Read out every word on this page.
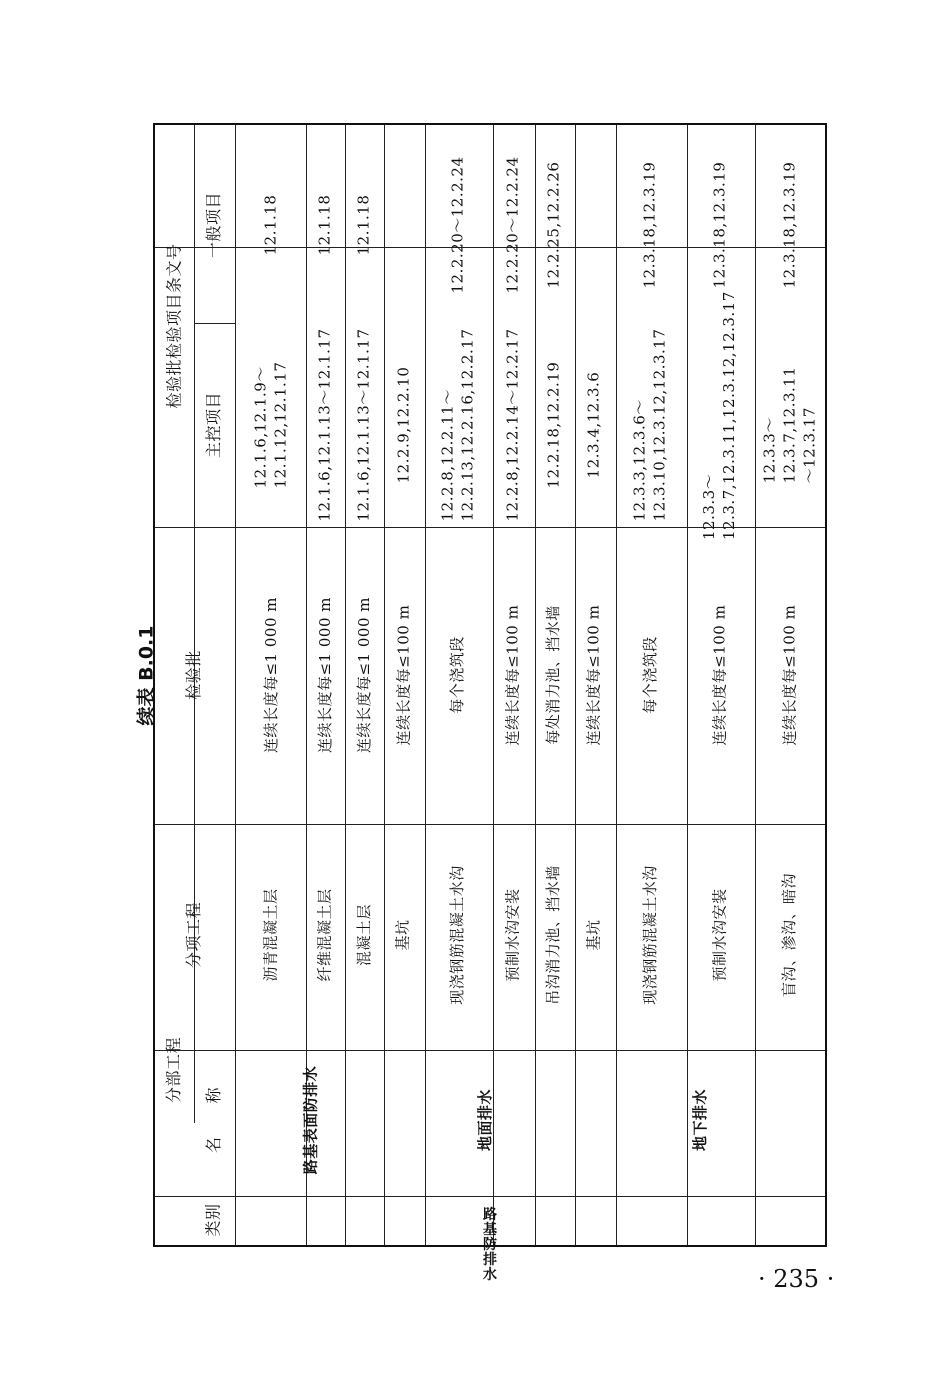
续表 B.0.1
分部工程
类别
名　　称
分项工程
检验批
检验批检验项目条文号
主控项目
一般项目
路
基
防
排
水
路基表面防排水	地面排水	地下排水
沥青混凝土层
连续长度每≤1 000 m
12.1.6,12.1.9～12.1.12,12.1.17
12.1.18
纤维混凝土层
连续长度每≤1 000 m
12.1.6,12.1.13～12.1.17
12.1.18
混凝土层
连续长度每≤1 000 m
12.1.6,12.1.13～12.1.17
12.1.18
基坑
连续长度每≤100 m
12.2.9,12.2.10
现浇钢筋混凝土水沟
每个浇筑段
12.2.8,12.2.11～12.2.13,12.2.16,12.2.17
12.2.20～12.2.24
预制水沟安装
连续长度每≤100 m
12.2.8,12.2.14～12.2.17
12.2.20～12.2.24
吊沟消力池、挡水墙
每处消力池、挡水墙
12.2.18,12.2.19
12.2.25,12.2.26
基坑
连续长度每≤100 m
12.3.4,12.3.6
现浇钢筋混凝土水沟
每个浇筑段
12.3.3,12.3.6～12.3.10,12.3.12,12.3.17
12.3.18,12.3.19
预制水沟安装
连续长度每≤100 m
12.3.3～12.3.7,12.3.11,12.3.12,12.3.17
12.3.18,12.3.19
盲沟、渗沟、暗沟
连续长度每≤100 m
12.3.3～12.3.7,12.3.11～12.3.17
12.3.18,12.3.19
· 235 ·
